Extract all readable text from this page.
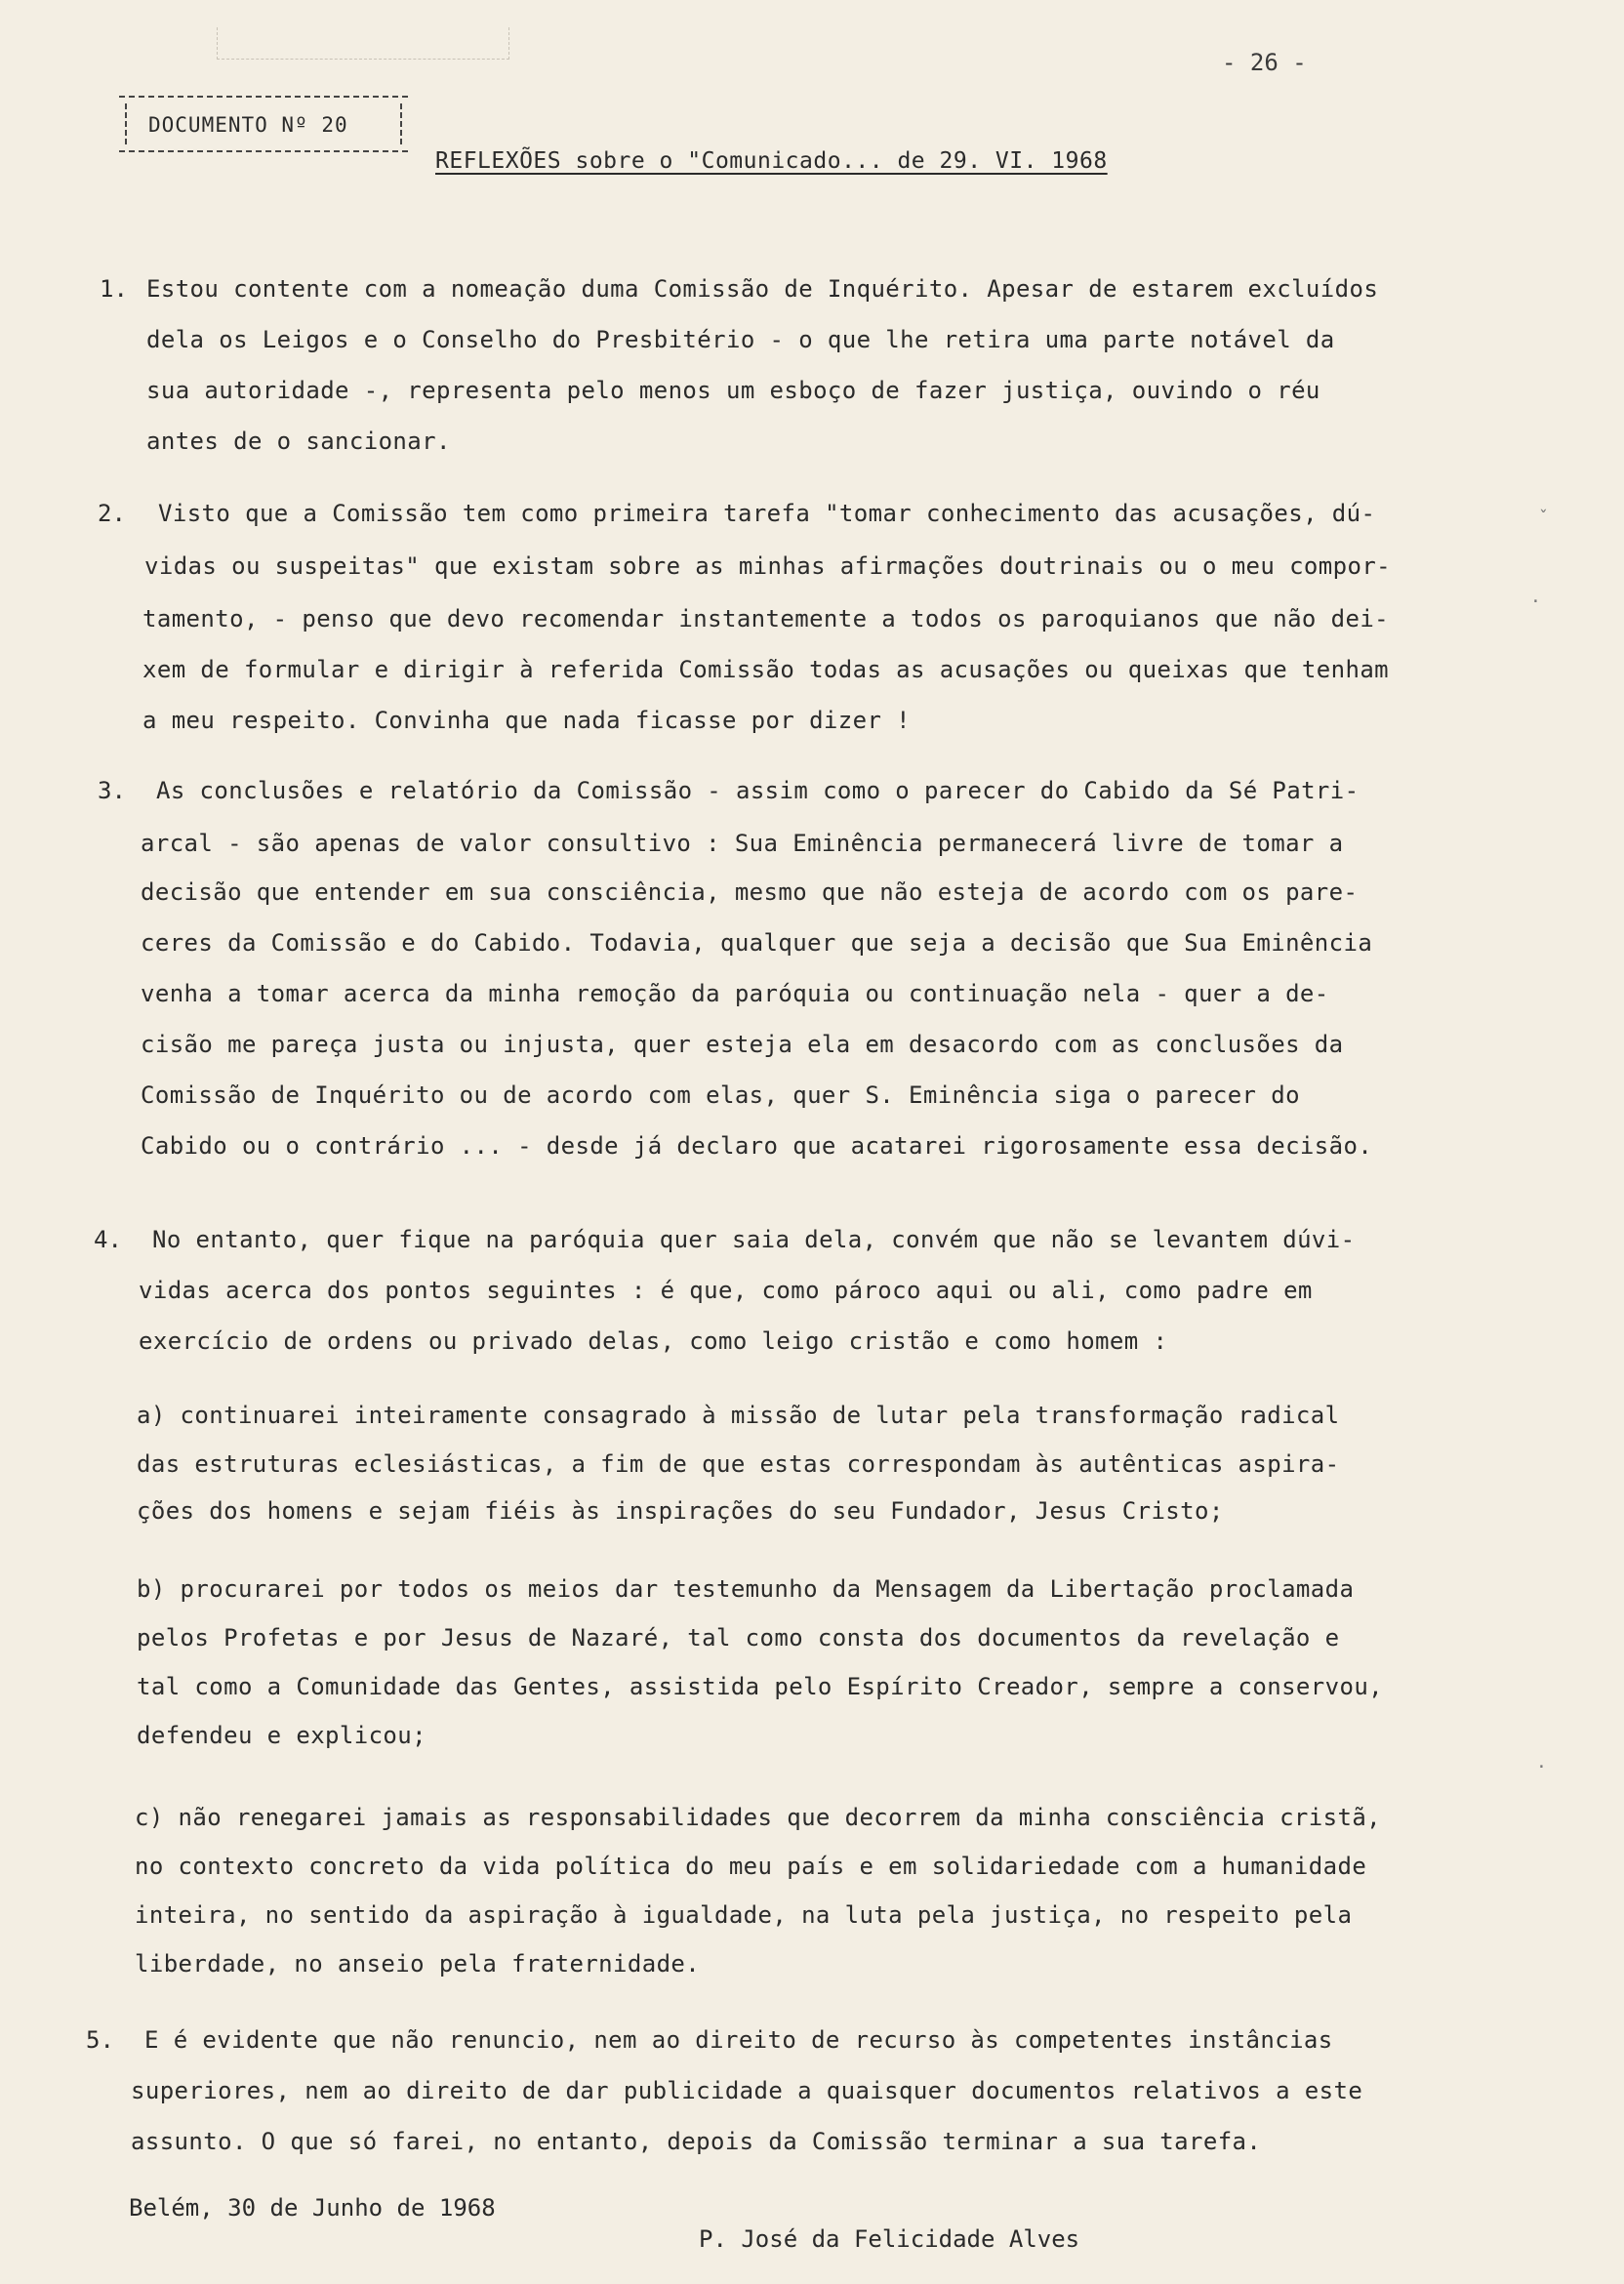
- 26 -
DOCUMENTO Nº 20
REFLEXÕES sobre o "Comunicado... de 29. VI. 1968
1. Estou contente com a nomeação duma Comissão de Inquérito. Apesar de estarem excluídos
dela os Leigos e o Conselho do Presbitério - o que lhe retira uma parte notável da
sua autoridade -, representa pelo menos um esboço de fazer justiça, ouvindo o réu
antes de o sancionar.
2. Visto que a Comissão tem como primeira tarefa "tomar conhecimento das acusações, dú-
vidas ou suspeitas" que existam sobre as minhas afirmações doutrinais ou o meu compor-
tamento, - penso que devo recomendar instantemente a todos os paroquianos que não dei-
xem de formular e dirigir à referida Comissão todas as acusações ou queixas que tenham
a meu respeito. Convinha que nada ficasse por dizer !
3. As conclusões e relatório da Comissão - assim como o parecer do Cabido da Sé Patri-
arcal - são apenas de valor consultivo : Sua Eminência permanecerá livre de tomar a
decisão que entender em sua consciência, mesmo que não esteja de acordo com os pare-
ceres da Comissão e do Cabido. Todavia, qualquer que seja a decisão que Sua Eminência
venha a tomar acerca da minha remoção da paróquia ou continuação nela - quer a de-
cisão me pareça justa ou injusta, quer esteja ela em desacordo com as conclusões da
Comissão de Inquérito ou de acordo com elas, quer S. Eminência siga o parecer do
Cabido ou o contrário ... - desde já declaro que acatarei rigorosamente essa decisão.
4. No entanto, quer fique na paróquia quer saia dela, convém que não se levantem dúvi-
vidas acerca dos pontos seguintes : é que, como pároco aqui ou ali, como padre em
exercício de ordens ou privado delas, como leigo cristão e como homem :
a) continuarei inteiramente consagrado à missão de lutar pela transformação radical
das estruturas eclesiásticas, a fim de que estas correspondam às autênticas aspira-
ções dos homens e sejam fiéis às inspirações do seu Fundador, Jesus Cristo;
b) procurarei por todos os meios dar testemunho da Mensagem da Libertação proclamada
pelos Profetas e por Jesus de Nazaré, tal como consta dos documentos da revelação e
tal como a Comunidade das Gentes, assistida pelo Espírito Creador, sempre a conservou,
defendeu e explicou;
c) não renegarei jamais as responsabilidades que decorrem da minha consciência cristã,
no contexto concreto da vida política do meu país e em solidariedade com a humanidade
inteira, no sentido da aspiração à igualdade, na luta pela justiça, no respeito pela
liberdade, no anseio pela fraternidade.
5. E é evidente que não renuncio, nem ao direito de recurso às competentes instâncias
superiores, nem ao direito de dar publicidade a quaisquer documentos relativos a este
assunto. O que só farei, no entanto, depois da Comissão terminar a sua tarefa.
Belém, 30 de Junho de 1968
P. José da Felicidade Alves
ˇ
·
·
